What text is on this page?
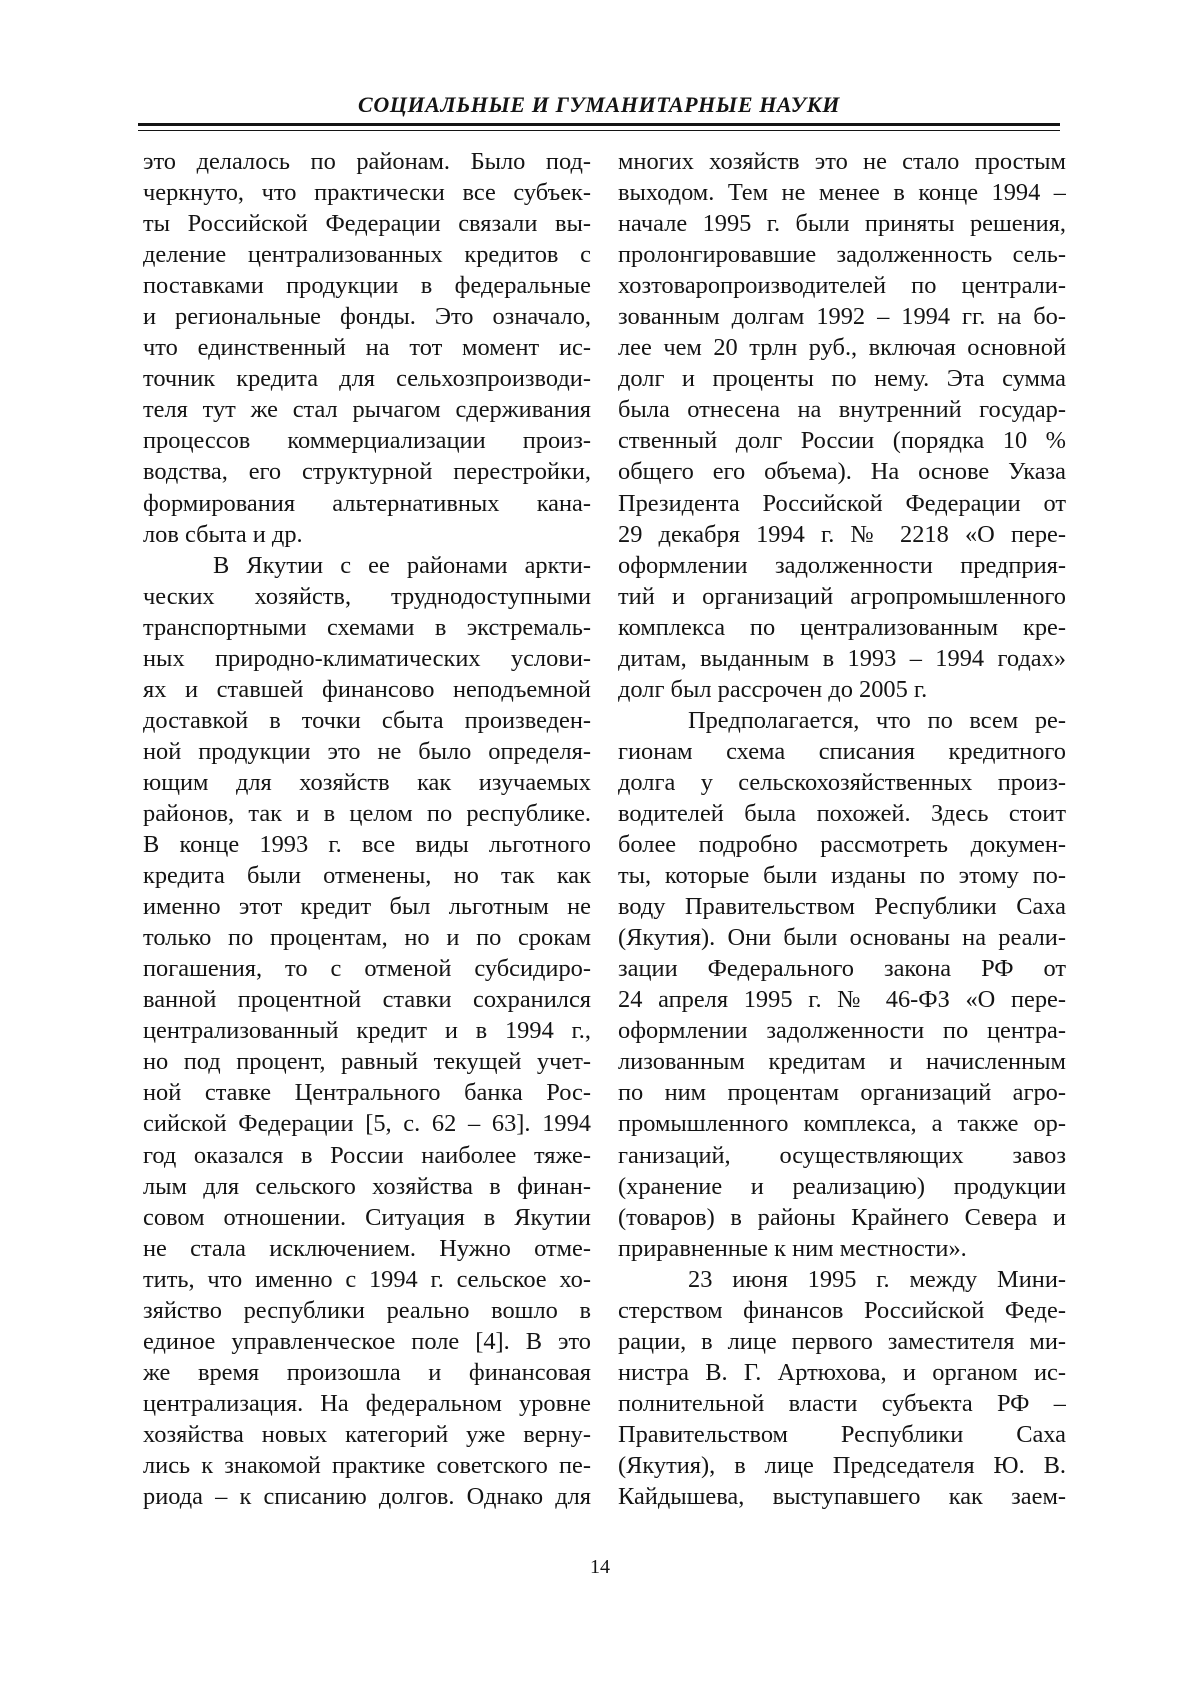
СОЦИАЛЬНЫЕ И ГУМАНИТАРНЫЕ НАУКИ
это делалось по районам. Было под-
черкнуто, что практически все субъек-
ты Российской Федерации связали вы-
деление централизованных кредитов с
поставками продукции в федеральные
и региональные фонды. Это означало,
что единственный на тот момент ис-
точник кредита для сельхозпроизводи-
теля тут же стал рычагом сдерживания
процессов коммерциализации произ-
водства, его структурной перестройки,
формирования альтернативных кана-
лов сбыта и др.
В Якутии с ее районами аркти-
ческих хозяйств, труднодоступными
транспортными схемами в экстремаль-
ных природно-климатических услови-
ях и ставшей финансово неподъемной
доставкой в точки сбыта произведен-
ной продукции это не было определя-
ющим для хозяйств как изучаемых
районов, так и в целом по республике.
В конце 1993 г. все виды льготного
кредита были отменены, но так как
именно этот кредит был льготным не
только по процентам, но и по срокам
погашения, то с отменой субсидиро-
ванной процентной ставки сохранился
централизованный кредит и в 1994 г.,
но под процент, равный текущей учет-
ной ставке Центрального банка Рос-
сийской Федерации [5, с. 62 – 63]. 1994
год оказался в России наиболее тяже-
лым для сельского хозяйства в финан-
совом отношении. Ситуация в Якутии
не стала исключением. Нужно отме-
тить, что именно с 1994 г. сельское хо-
зяйство республики реально вошло в
единое управленческое поле [4]. В это
же время произошла и финансовая
централизация. На федеральном уровне
хозяйства новых категорий уже верну-
лись к знакомой практике советского пе-
риода – к списанию долгов. Однако для
многих хозяйств это не стало простым
выходом. Тем не менее в конце 1994 –
начале 1995 г. были приняты решения,
пролонгировавшие задолженность сель-
хозтоваропроизводителей по централи-
зованным долгам 1992 – 1994 гг. на бо-
лее чем 20 трлн руб., включая основной
долг и проценты по нему. Эта сумма
была отнесена на внутренний государ-
ственный долг России (порядка 10 %
общего его объема). На основе Указа
Президента Российской Федерации от
29 декабря 1994 г. № 2218 «О пере-
оформлении задолженности предприя-
тий и организаций агропромышленного
комплекса по централизованным кре-
дитам, выданным в 1993 – 1994 годах»
долг был рассрочен до 2005 г.
Предполагается, что по всем ре-
гионам схема списания кредитного
долга у сельскохозяйственных произ-
водителей была похожей. Здесь стоит
более подробно рассмотреть докумен-
ты, которые были изданы по этому по-
воду Правительством Республики Саха
(Якутия). Они были основаны на реали-
зации Федерального закона РФ от
24 апреля 1995 г. № 46-ФЗ «О пере-
оформлении задолженности по центра-
лизованным кредитам и начисленным
по ним процентам организаций агро-
промышленного комплекса, а также ор-
ганизаций, осуществляющих завоз
(хранение и реализацию) продукции
(товаров) в районы Крайнего Севера и
приравненные к ним местности».
23 июня 1995 г. между Мини-
стерством финансов Российской Феде-
рации, в лице первого заместителя ми-
нистра В. Г. Артюхова, и органом ис-
полнительной власти субъекта РФ –
Правительством Республики Саха
(Якутия), в лице Председателя Ю. В.
Кайдышева, выступавшего как заем-
14
